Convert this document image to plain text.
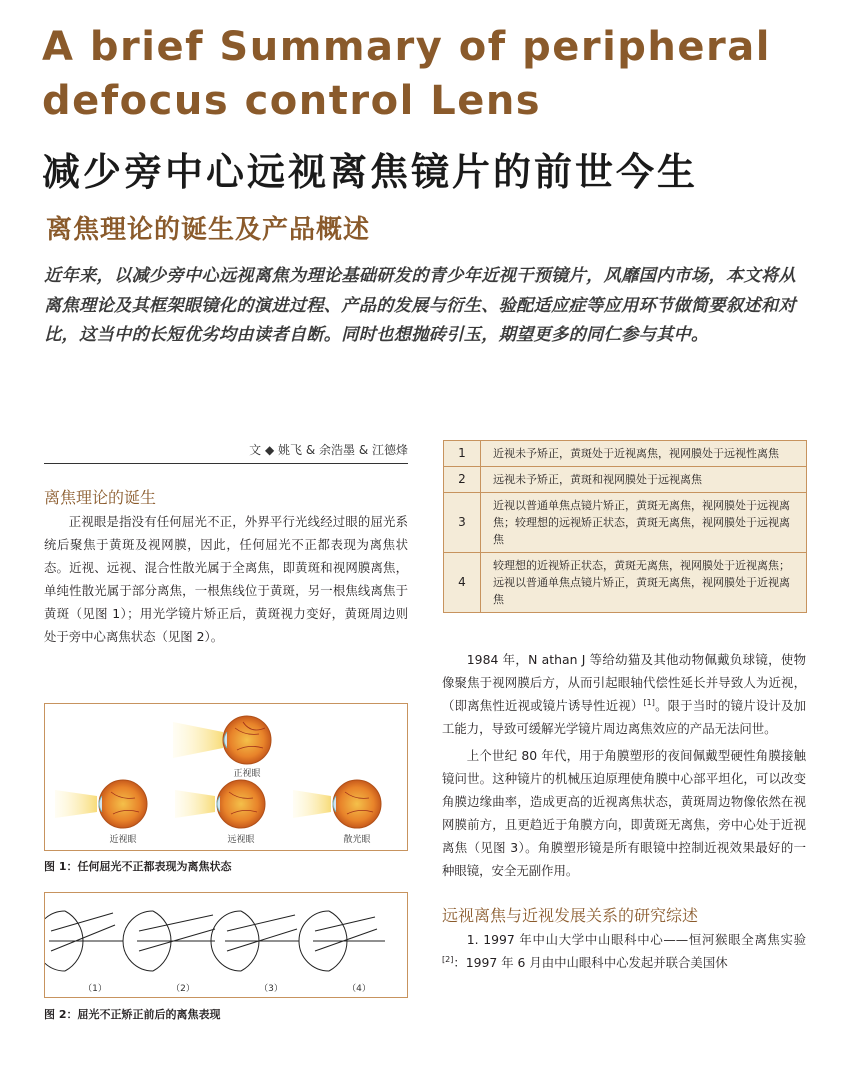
A brief Summary of peripheral defocus control Lens
减少旁中心远视离焦镜片的前世今生
离焦理论的诞生及产品概述

近年来，以减少旁中心远视离焦为理论基础研发的青少年近视干预镜片，风靡国内市场，本文将从离焦理论及其框架眼镜化的演进过程、产品的发展与衍生、验配适应症等应用环节做简要叙述和对比，这当中的长短优劣均由读者自断。同时也想抛砖引玉，期望更多的同仁参与其中。

文 ◆ 姚飞 & 余浩墨 & 江德烽

离焦理论的诞生

正视眼是指没有任何屈光不正，外界平行光线经过眼的屈光系统后聚焦于黄斑及视网膜，因此，任何屈光不正都表现为离焦状态。近视、远视、混合性散光属于全离焦，即黄斑和视网膜离焦，单纯性散光属于部分离焦，一根焦线位于黄斑，另一根焦线离焦于黄斑（见图 1）；用光学镜片矫正后，黄斑视力变好，黄斑周边则处于旁中心离焦状态（见图 2）。

正视眼
近视眼	远视眼	散光眼

图 1：任何屈光不正都表现为离焦状态

（1）	（2）	（3）	（4）

图 2：屈光不正矫正前后的离焦表现

1	近视未予矫正，黄斑处于近视离焦，视网膜处于远视性离焦
2	远视未予矫正，黄斑和视网膜处于远视离焦
3	近视以普通单焦点镜片矫正，黄斑无离焦，视网膜处于远视离焦；较理想的远视矫正状态，黄斑无离焦，视网膜处于远视离焦
4	较理想的近视矫正状态，黄斑无离焦，视网膜处于近视离焦；远视以普通单焦点镜片矫正，黄斑无离焦，视网膜处于近视离焦

1984 年，N athan J 等给幼猫及其他动物佩戴负球镜，使物像聚焦于视网膜后方，从而引起眼轴代偿性延长并导致人为近视，（即离焦性近视或镜片诱导性近视）[1]。限于当时的镜片设计及加工能力，导致可缓解光学镜片周边离焦效应的产品无法问世。

上个世纪 80 年代，用于角膜塑形的夜间佩戴型硬性角膜接触镜问世。这种镜片的机械压迫原理使角膜中心部平坦化，可以改变角膜边缘曲率，造成更高的近视离焦状态，黄斑周边物像依然在视网膜前方，且更趋近于角膜方向，即黄斑无离焦，旁中心处于近视离焦（见图 3）。角膜塑形镜是所有眼镜中控制近视效果最好的一种眼镜，安全无副作用。

远视离焦与近视发展关系的研究综述

1. 1997 年中山大学中山眼科中心——恒河猴眼全离焦实验[2]：1997 年 6 月由中山眼科中心发起并联合美国休
